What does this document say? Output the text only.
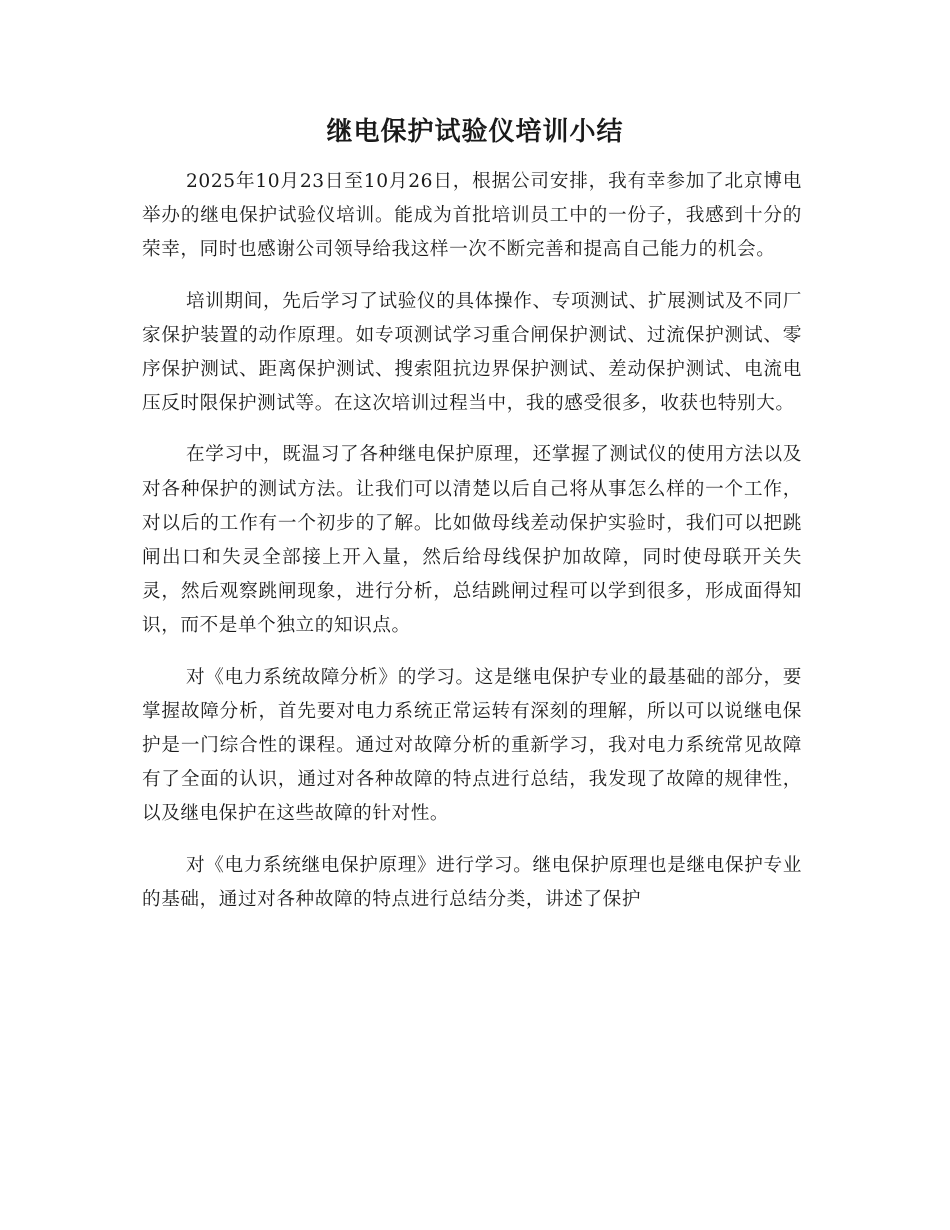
继电保护试验仪培训小结

2025年10月23日至10月26日，根据公司安排，我有幸参加了北京博电举办的继电保护试验仪培训。能成为首批培训员工中的一份子，我感到十分的荣幸，同时也感谢公司领导给我这样一次不断完善和提高自己能力的机会。

培训期间，先后学习了试验仪的具体操作、专项测试、扩展测试及不同厂家保护装置的动作原理。如专项测试学习重合闸保护测试、过流保护测试、零序保护测试、距离保护测试、搜索阻抗边界保护测试、差动保护测试、电流电压反时限保护测试等。在这次培训过程当中，我的感受很多，收获也特别大。

在学习中，既温习了各种继电保护原理，还掌握了测试仪的使用方法以及对各种保护的测试方法。让我们可以清楚以后自己将从事怎么样的一个工作，对以后的工作有一个初步的了解。比如做母线差动保护实验时，我们可以把跳闸出口和失灵全部接上开入量，然后给母线保护加故障，同时使母联开关失灵，然后观察跳闸现象，进行分析，总结跳闸过程可以学到很多，形成面得知识，而不是单个独立的知识点。

对《电力系统故障分析》的学习。这是继电保护专业的最基础的部分，要掌握故障分析，首先要对电力系统正常运转有深刻的理解，所以可以说继电保护是一门综合性的课程。通过对故障分析的重新学习，我对电力系统常见故障有了全面的认识，通过对各种故障的特点进行总结，我发现了故障的规律性，以及继电保护在这些故障的针对性。

对《电力系统继电保护原理》进行学习。继电保护原理也是继电保护专业的基础，通过对各种故障的特点进行总结分类，讲述了保护
